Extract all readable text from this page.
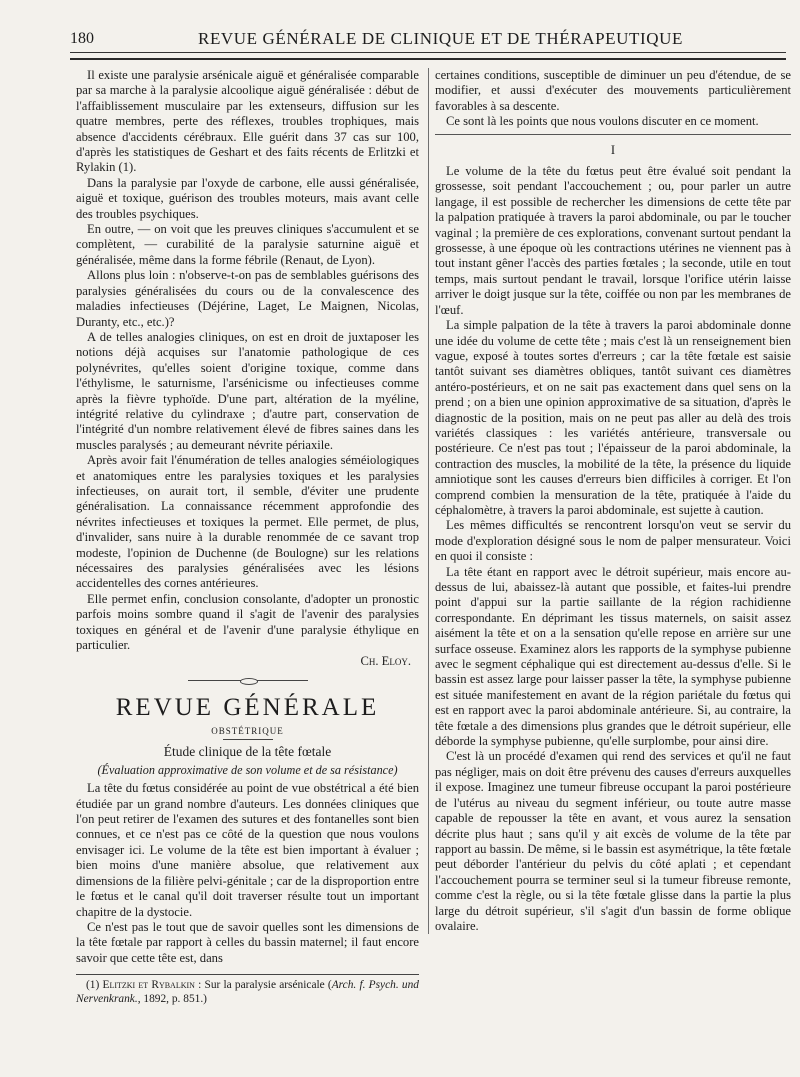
180	REVUE GÉNÉRALE DE CLINIQUE ET DE THÉRAPEUTIQUE

Il existe une paralysie arsénicale aiguë et généralisée comparable par sa marche à la paralysie alcoolique aiguë généralisée : début de l'affaiblissement musculaire par les extenseurs, diffusion sur les quatre membres, perte des réflexes, troubles trophiques, mais absence d'accidents cérébraux. Elle guérit dans 37 cas sur 100, d'après les statistiques de Geshart et des faits récents de Erlitzki et Rylakin (1).

Dans la paralysie par l'oxyde de carbone, elle aussi généralisée, aiguë et toxique, guérison des troubles moteurs, mais avant celle des troubles psychiques.

En outre, — on voit que les preuves cliniques s'accumulent et se complètent, — curabilité de la paralysie saturnine aiguë et généralisée, même dans la forme fébrile (Renaut, de Lyon).

Allons plus loin : n'observe-t-on pas de semblables guérisons des paralysies généralisées du cours ou de la convalescence des maladies infectieuses (Déjérine, Laget, Le Maignen, Nicolas, Duranty, etc., etc.)?

A de telles analogies cliniques, on est en droit de juxtaposer les notions déjà acquises sur l'anatomie pathologique de ces polynévrites, qu'elles soient d'origine toxique, comme dans l'éthylisme, le saturnisme, l'arsénicisme ou infectieuses comme après la fièvre typhoïde. D'une part, altération de la myéline, intégrité relative du cylindraxe ; d'autre part, conservation de l'intégrité d'un nombre relativement élevé de fibres saines dans les muscles paralysés ; au demeurant névrite périaxile.

Après avoir fait l'énumération de telles analogies séméiologiques et anatomiques entre les paralysies toxiques et les paralysies infectieuses, on aurait tort, il semble, d'éviter une prudente généralisation. La connaissance récemment approfondie des névrites infectieuses et toxiques la permet. Elle permet, de plus, d'invalider, sans nuire à la durable renommée de ce savant trop modeste, l'opinion de Duchenne (de Boulogne) sur les relations nécessaires des paralysies généralisées avec les lésions accidentelles des cornes antérieures.

Elle permet enfin, conclusion consolante, d'adopter un pronostic parfois moins sombre quand il s'agit de l'avenir des paralysies toxiques en général et de l'avenir d'une paralysie éthylique en particulier.

Ch. Eloy.
REVUE GÉNÉRALE
OBSTÉTRIQUE
Étude clinique de la tête fœtale
(Évaluation approximative de son volume et de sa résistance)

La tête du fœtus considérée au point de vue obstétrical a été bien étudiée par un grand nombre d'auteurs. Les données cliniques que l'on peut retirer de l'examen des sutures et des fontanelles sont bien connues, et ce n'est pas ce côté de la question que nous voulons envisager ici. Le volume de la tête est bien important à évaluer ; bien moins d'une manière absolue, que relativement aux dimensions de la filière pelvi-génitale ; car de la disproportion entre le fœtus et le canal qu'il doit traverser résulte tout un important chapitre de la dystocie.

Ce n'est pas le tout que de savoir quelles sont les dimensions de la tête fœtale par rapport à celles du bassin maternel; il faut encore savoir que cette tête est, dans

(1) Elitzki et Rybalkin : Sur la paralysie arsénicale (Arch. f. Psych. und Nervenkrank., 1892, p. 851.)

certaines conditions, susceptible de diminuer un peu d'étendue, de se modifier, et aussi d'exécuter des mouvements particulièrement favorables à sa descente.

Ce sont là les points que nous voulons discuter en ce moment.

I

Le volume de la tête du fœtus peut être évalué soit pendant la grossesse, soit pendant l'accouchement ; ou, pour parler un autre langage, il est possible de rechercher les dimensions de cette tête par la palpation pratiquée à travers la paroi abdominale, ou par le toucher vaginal ; la première de ces explorations, convenant surtout pendant la grossesse, à une époque où les contractions utérines ne viennent pas à tout instant gêner l'accès des parties fœtales ; la seconde, utile en tout temps, mais surtout pendant le travail, lorsque l'orifice utérin laisse arriver le doigt jusque sur la tête, coiffée ou non par les membranes de l'œuf.

La simple palpation de la tête à travers la paroi abdominale donne une idée du volume de cette tête ; mais c'est là un renseignement bien vague, exposé à toutes sortes d'erreurs ; car la tête fœtale est saisie tantôt suivant ses diamètres obliques, tantôt suivant ces diamètres antéro-postérieurs, et on ne sait pas exactement dans quel sens on la prend ; on a bien une opinion approximative de sa situation, d'après le diagnostic de la position, mais on ne peut pas aller au delà des trois variétés classiques : les variétés antérieure, transversale ou postérieure. Ce n'est pas tout ; l'épaisseur de la paroi abdominale, la contraction des muscles, la mobilité de la tête, la présence du liquide amniotique sont les causes d'erreurs bien difficiles à corriger. Et l'on comprend combien la mensuration de la tête, pratiquée à l'aide du céphalomètre, à travers la paroi abdominale, est sujette à caution.

Les mêmes difficultés se rencontrent lorsqu'on veut se servir du mode d'exploration désigné sous le nom de palper mensurateur. Voici en quoi il consiste :

La tête étant en rapport avec le détroit supérieur, mais encore au-dessus de lui, abaissez-là autant que possible, et faites-lui prendre point d'appui sur la partie saillante de la région rachidienne correspondante. En déprimant les tissus maternels, on saisit assez aisément la tête et on a la sensation qu'elle repose en arrière sur une surface osseuse. Examinez alors les rapports de la symphyse pubienne avec le segment céphalique qui est directement au-dessus d'elle. Si le bassin est assez large pour laisser passer la tête, la symphyse pubienne est située manifestement en avant de la région pariétale du fœtus qui est en rapport avec la paroi abdominale antérieure. Si, au contraire, la tête fœtale a des dimensions plus grandes que le détroit supérieur, elle déborde la symphyse pubienne, qu'elle surplombe, pour ainsi dire.

C'est là un procédé d'examen qui rend des services et qu'il ne faut pas négliger, mais on doit être prévenu des causes d'erreurs auxquelles il expose. Imaginez une tumeur fibreuse occupant la paroi postérieure de l'utérus au niveau du segment inférieur, ou toute autre masse capable de repousser la tête en avant, et vous aurez la sensation décrite plus haut ; sans qu'il y ait excès de volume de la tête par rapport au bassin. De même, si le bassin est asymétrique, la tête fœtale peut déborder l'antérieur du pelvis du côté aplati ; et cependant l'accouchement pourra se terminer seul si la tumeur fibreuse remonte, comme c'est la règle, ou si la tête fœtale glisse dans la partie la plus large du détroit supérieur, s'il s'agit d'un bassin de forme oblique ovalaire.
